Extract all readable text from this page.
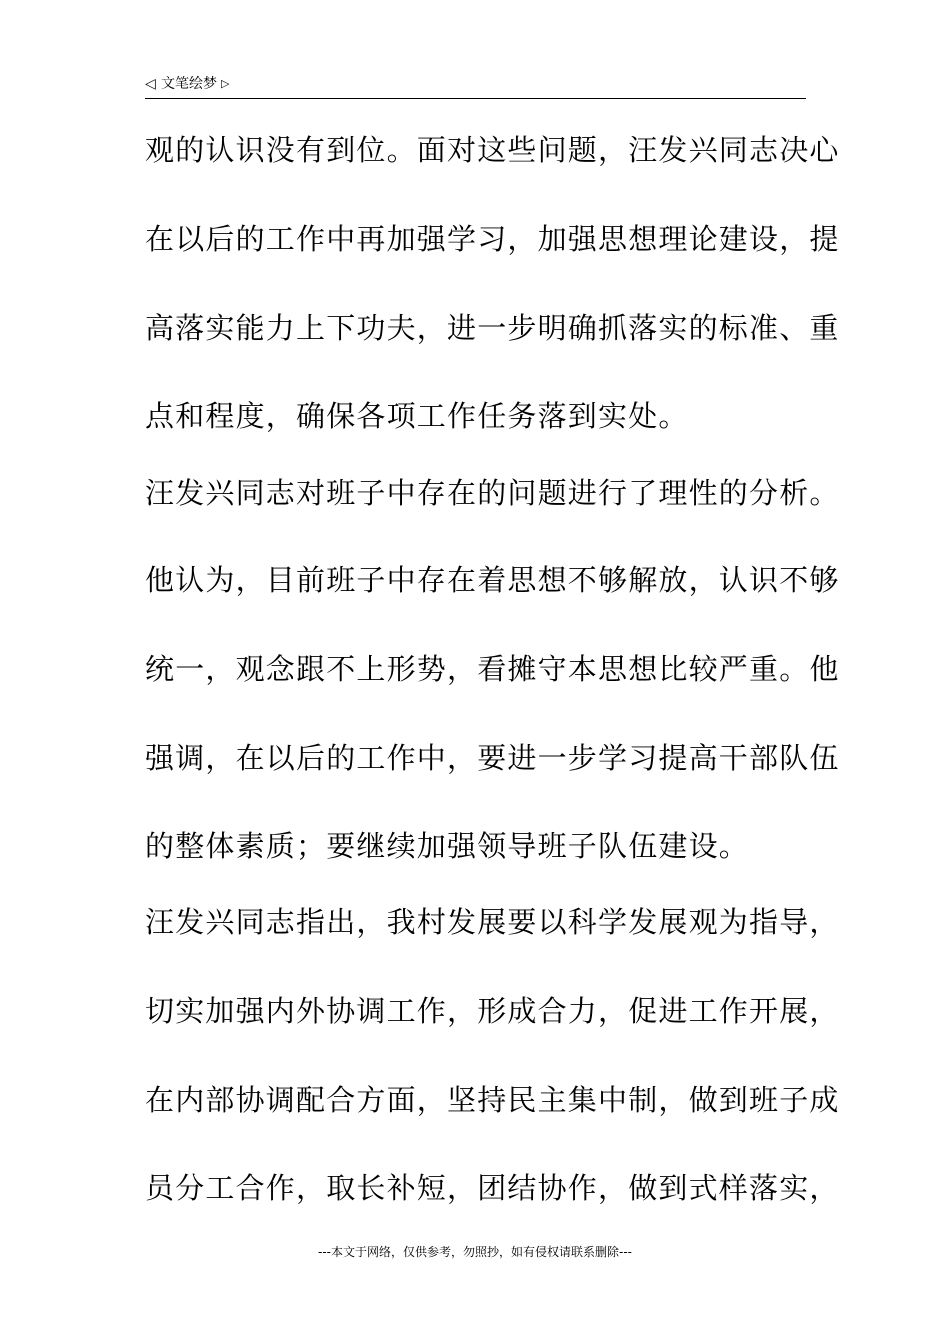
◁ 文笔绘梦 ▷
观的认识没有到位。面对这些问题，汪发兴同志决心
在以后的工作中再加强学习，加强思想理论建设，提
高落实能力上下功夫，进一步明确抓落实的标准、重
点和程度，确保各项工作任务落到实处。
汪发兴同志对班子中存在的问题进行了理性的分析。
他认为，目前班子中存在着思想不够解放，认识不够
统一，观念跟不上形势，看摊守本思想比较严重。他
强调，在以后的工作中，要进一步学习提高干部队伍
的整体素质；要继续加强领导班子队伍建设。
汪发兴同志指出，我村发展要以科学发展观为指导，
切实加强内外协调工作，形成合力，促进工作开展，
在内部协调配合方面，坚持民主集中制，做到班子成
员分工合作，取长补短，团结协作，做到式样落实，
---本文于网络，仅供参考，勿照抄，如有侵权请联系删除---
